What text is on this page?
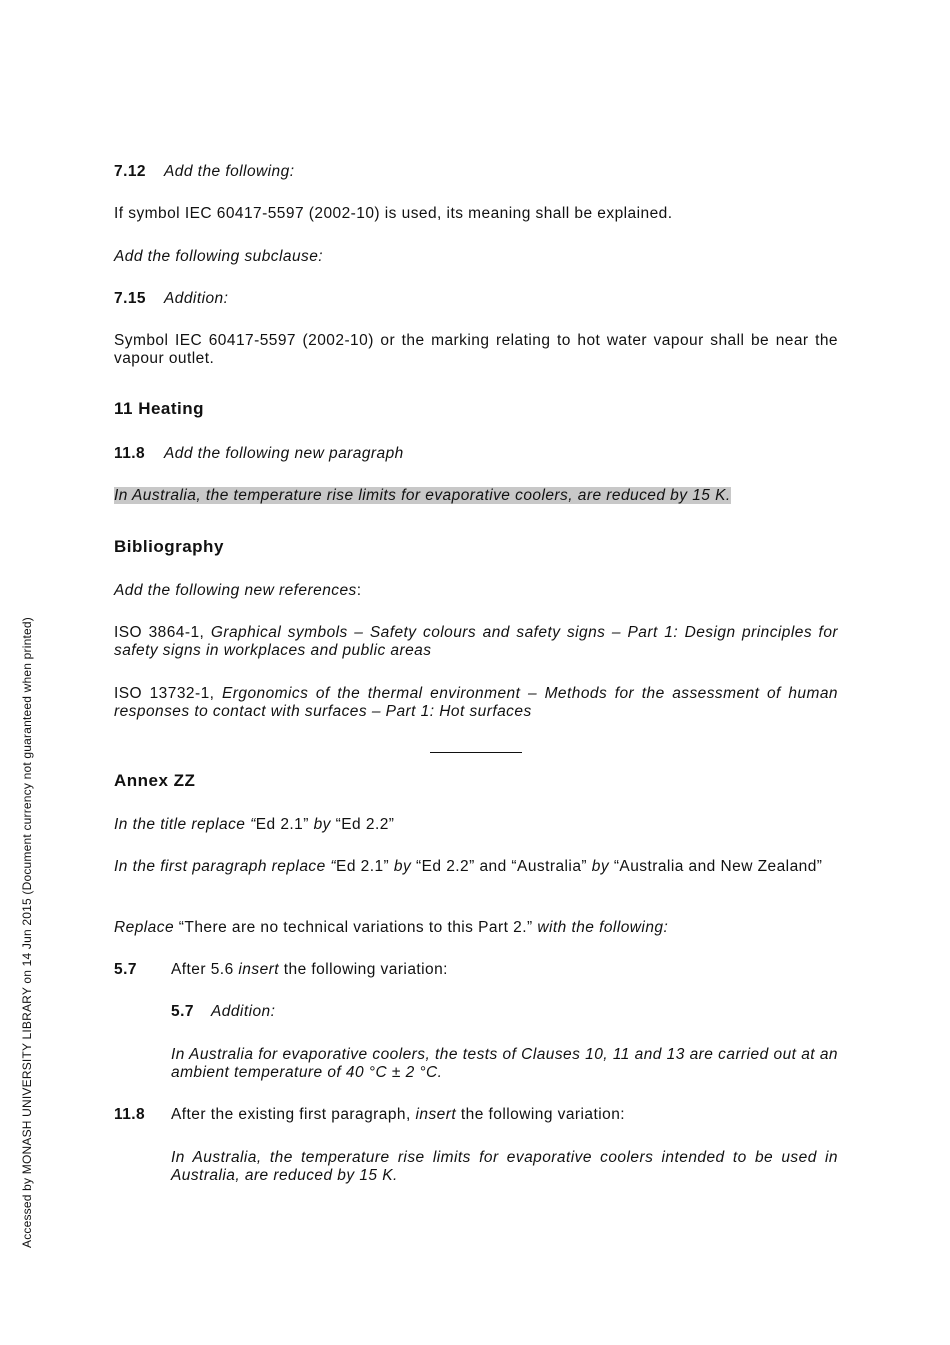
Accessed by MONASH UNIVERSITY LIBRARY on 14 Jun 2015 (Document currency not guaranteed when printed)
7.12 Add the following:
If symbol IEC 60417-5597 (2002-10) is used, its meaning shall be explained.
Add the following subclause:
7.15 Addition:
Symbol IEC 60417-5597 (2002-10) or the marking relating to hot water vapour shall be near the vapour outlet.
11 Heating
11.8 Add the following new paragraph
In Australia, the temperature rise limits for evaporative coolers, are reduced by 15 K.
Bibliography
Add the following new references:
ISO 3864-1, Graphical symbols – Safety colours and safety signs – Part 1: Design principles for safety signs in workplaces and public areas
ISO 13732-1, Ergonomics of the thermal environment – Methods for the assessment of human responses to contact with surfaces – Part 1: Hot surfaces
Annex ZZ
In the title replace “Ed 2.1” by “Ed 2.2”
In the first paragraph replace “Ed 2.1” by “Ed 2.2” and “Australia” by “Australia and New Zealand”
Replace “There are no technical variations to this Part 2.” with the following:
5.7 After 5.6 insert the following variation:
5.7 Addition:
In Australia for evaporative coolers, the tests of Clauses 10, 11 and 13 are carried out at an ambient temperature of 40 °C ± 2 °C.
11.8 After the existing first paragraph, insert the following variation:
In Australia, the temperature rise limits for evaporative coolers intended to be used in Australia, are reduced by 15 K.
